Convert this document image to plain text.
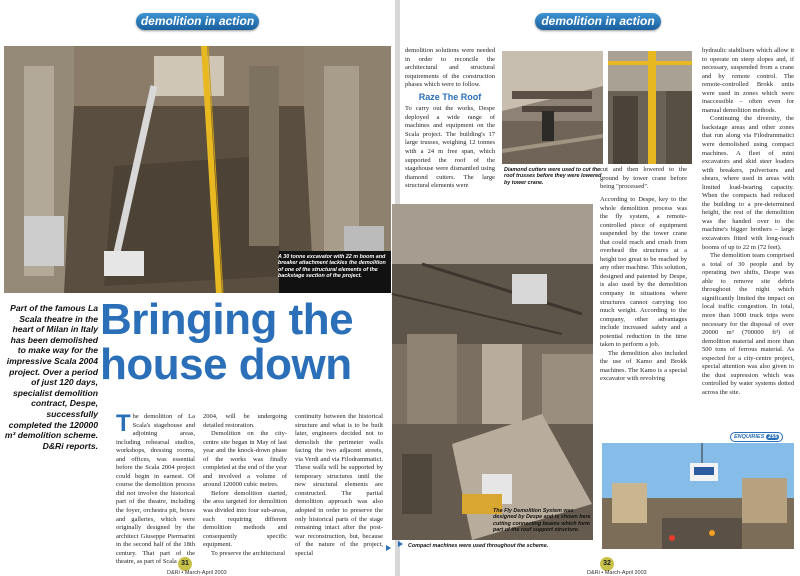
demolition in action
A 30 tonne excavator with 22 m boom and breaker attachment tackles the demolition of one of the structural elements of the backstage section of the project.
Part of the famous La Scala theatre in the heart of Milan in Italy has been demolished to make way for the impressive Scala 2004 project. Over a period of just 120 days, specialist demolition contract, Despe, successfully completed the 120000 m³ demolition scheme. D&Ri reports.
Bringing the house down

The demolition of La Scala's stagehouse and adjoining areas, including rehearsal studios, workshops, dressing rooms, and offices, was essential before the Scala 2004 project could begin in earnest. Of course the demolition process did not involve the historical part of the theatre, including the foyer, orchestra pit, boxes and galleries, which were originally designed by the architect Giuseppe Piermarini in the second half of the 18th century. That part of the theatre, as part of Scala

2004, will be undergoing detailed restoration.

Demolition on the city-centre site began in May of last year and the knock-down phase of the works was finally completed at the end of the year and involved a volume of around 120000 cubic metres.

Before demolition started, the area targeted for demolition was divided into four sub-areas, each requiring different demolition methods and consequently specific equipment.

To preserve the architectural

continuity between the historical structure and what is to be built later, engineers decided not to demolish the perimeter walls facing the two adjacent streets, via Verdi and via Filodrammatici. These walls will be supported by temporary structures until the new structural elements are constructed. The partial demolition approach was also adopted in order to preserve the only historical parts of the stage remaining intact after the post-war reconstruction, but, because of the nature of the project, special

31
D&Ri • March-April 2003
demolition in action

demolition solutions were needed in order to reconcile the architectural and structural requirements of the construction phases which were to follow.

Raze The Roof

To carry out the works, Despe deployed a wide range of machines and equipment on the Scala project. The building's 17 large trusses, weighing 12 tonnes with a 24 m free span, which supported the roof of the stagehouse were dismantled using diamond cutters. The large structural elements were

Diamond cutters were used to cut the roof trusses before they were lowered by tower crane.

cut and then lowered to the ground by tower crane before being "processed".

The Fly Demolition System was designed by Despe and is shown here cutting connecting beams which form part of the roof support structure.
Compact machines were used throughout the scheme.

According to Despe, key to the whole demolition process was the fly system, a remote-controlled piece of equipment suspended by the tower crane that could reach and crush from overhead the structures at a height too great to be reached by any other machine. This solution, designed and patented by Despe, is also used by the demolition company in situations where structures cannot carrying too much weight. According to the company, other advantages include increased safety and a potential reduction in the time taken to perform a job.

The demolition also included the use of Kamo and Brokk machines. The Kamo is a special excavator with revolving

hydraulic stabilisers which allow it to operate on steep slopes and, if necessary, suspended from a crane and by remote control. The remote-controlled Brokk units were used in zones which were inaccessible – often even for manual demolition methods.

Continuing the diversity, the backstage areas and other zones that run along via Filodrammatici were demolished using compact machines. A fleet of mini excavators and skid steer loaders with breakers, pulverisers and shears, where used in areas with limited load-bearing capacity. When the compacts had reduced the building to a pre-determined height, the rest of the demolition was the handed over to the machine's bigger brothers – large excavators fitted with long-reach booms of up to 22 m (72 feet).

The demolition team comprised a total of 30 people and by operating two shifts, Despe was able to remove site debris throughout the night which significantly limited the impact on local traffic congestion. In total, more than 1000 truck trips were necessary for the disposal of over 20000 m³ (700000 ft³) of demolition material and more than 500 tons of ferrous material. As expected for a city-centre project, special attention was also given to the dust supression which was controlled by water systems dotted across the site.

ENQUIRIES 255
32
D&Ri • March-April 2003
